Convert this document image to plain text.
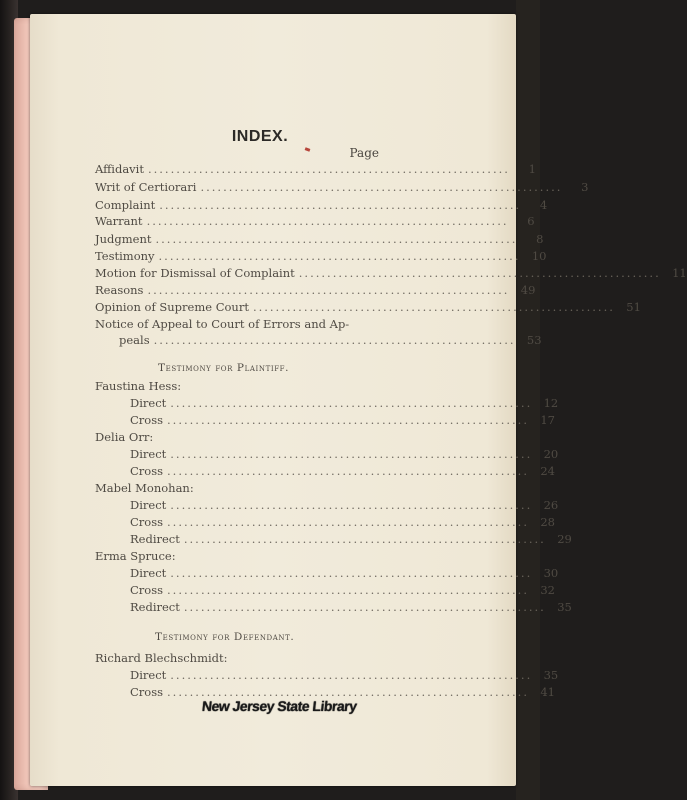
INDEX.
Page
Affidavit ................................................................	1
Writ of Certiorari ................................................................	3
Complaint ................................................................	4
Warrant ................................................................	6
Judgment ................................................................	8
Testimony ................................................................ 10
Motion for Dismissal of Complaint ................................................................ 11
Reasons ................................................................ 49
Opinion of Supreme Court ................................................................ 51
Notice of Appeal to Court of Errors and Ap-
peals ................................................................ 53
Testimony for Plaintiff.
Faustina Hess:
Direct ................................................................ 12
Cross ................................................................ 17
Delia Orr:
Direct ................................................................ 20
Cross ................................................................ 24
Mabel Monohan:
Direct ................................................................ 26
Cross ................................................................ 28
Redirect ................................................................ 29
Erma Spruce:
Direct ................................................................ 30
Cross ................................................................ 32
Redirect ................................................................ 35
Testimony for Defendant.
Richard Blechschmidt:
Direct ................................................................ 35
Cross ................................................................ 41
New Jersey State Library
